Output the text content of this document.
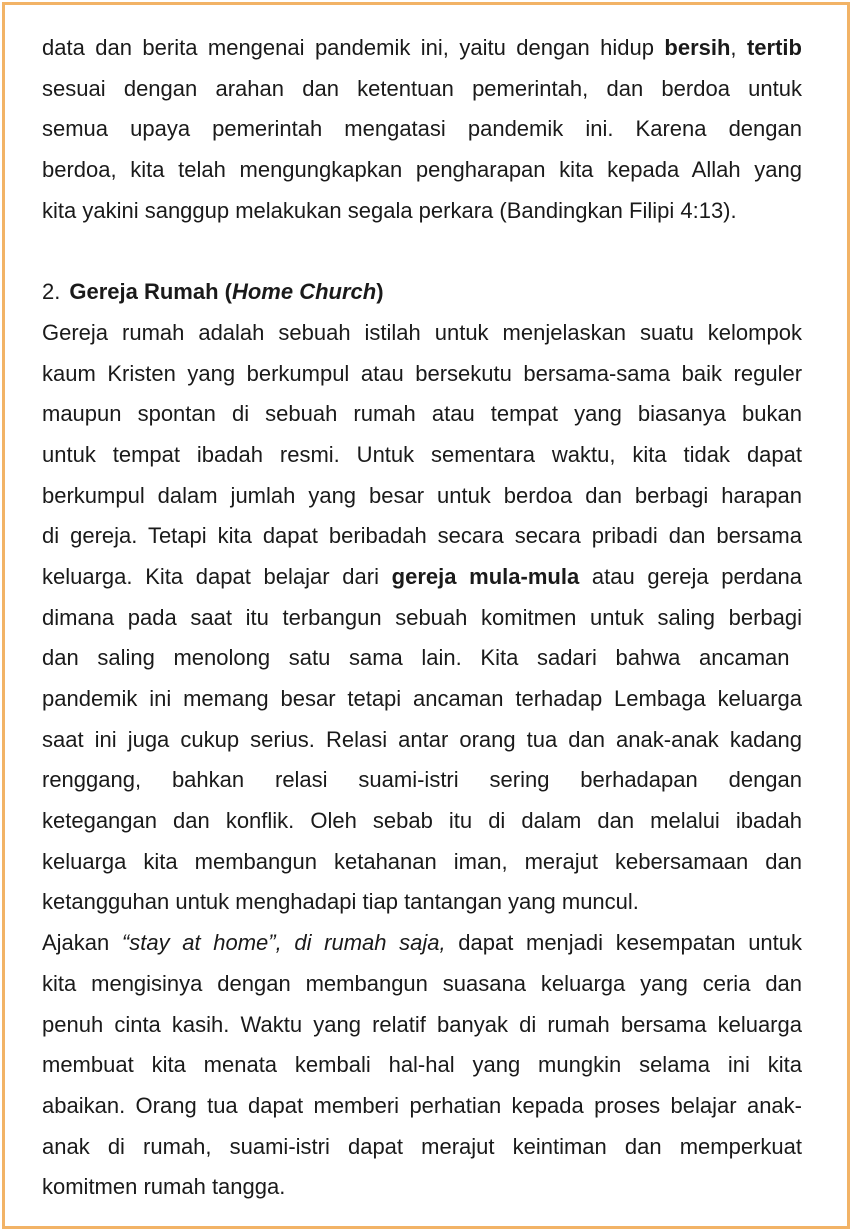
data dan berita mengenai pandemik ini, yaitu dengan hidup bersih, tertib
sesuai dengan arahan dan ketentuan pemerintah, dan berdoa untuk
semua upaya pemerintah mengatasi pandemik ini. Karena dengan
berdoa, kita telah mengungkapkan pengharapan kita kepada Allah yang
kita yakini sanggup melakukan segala perkara (Bandingkan Filipi 4:13).
2. Gereja Rumah (Home Church)
Gereja rumah adalah sebuah istilah untuk menjelaskan suatu kelompok
kaum Kristen yang berkumpul atau bersekutu bersama-sama baik reguler
maupun spontan di sebuah rumah atau tempat yang biasanya bukan
untuk tempat ibadah resmi. Untuk sementara waktu, kita tidak dapat
berkumpul dalam jumlah yang besar untuk berdoa dan berbagi harapan
di gereja. Tetapi kita dapat beribadah secara secara pribadi dan bersama
keluarga. Kita dapat belajar dari gereja mula-mula atau gereja perdana
dimana pada saat itu terbangun sebuah komitmen untuk saling berbagi
dan saling menolong satu sama lain. Kita sadari bahwa ancaman
pandemik ini memang besar tetapi ancaman terhadap Lembaga keluarga
saat ini juga cukup serius. Relasi antar orang tua dan anak-anak kadang
renggang, bahkan relasi suami-istri sering berhadapan dengan
ketegangan dan konflik. Oleh sebab itu di dalam dan melalui ibadah
keluarga kita membangun ketahanan iman, merajut kebersamaan dan
ketangguhan untuk menghadapi tiap tantangan yang muncul.
Ajakan “stay at home”, di rumah saja, dapat menjadi kesempatan untuk
kita mengisinya dengan membangun suasana keluarga yang ceria dan
penuh cinta kasih. Waktu yang relatif banyak di rumah bersama keluarga
membuat kita menata kembali hal-hal yang mungkin selama ini kita
abaikan. Orang tua dapat memberi perhatian kepada proses belajar anak-
anak di rumah, suami-istri dapat merajut keintiman dan memperkuat
komitmen rumah tangga.
